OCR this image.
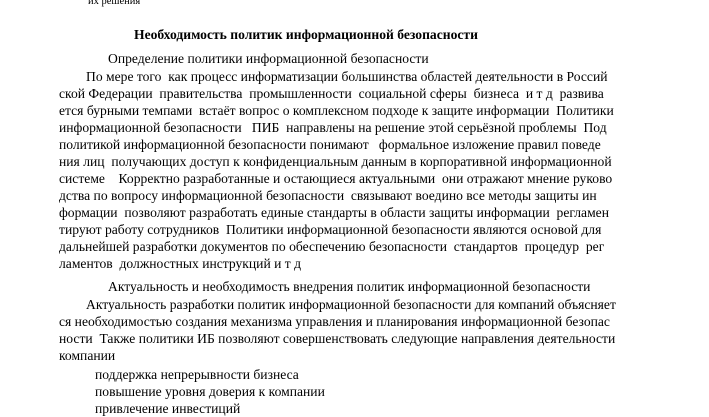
их решения
Необходимость политик информационной безопасности
Определение политики информационной безопасности
По мере того  как процесс информатизации большинства областей деятельности в Россий
ской Федерации  правительства  промышленности  социальной сферы  бизнеса  и т д  развива
ется бурными темпами  встаёт вопрос о комплексном подходе к защите информации  Политики
информационной безопасности   ПИБ  направлены на решение этой серьёзной проблемы  Под
политикой информационной безопасности понимают   формальное изложение правил поведе
ния лиц  получающих доступ к конфиденциальным данным в корпоративной информационной
системе    Корректно разработанные и остающиеся актуальными  они отражают мнение руково
дства по вопросу информационной безопасности  связывают воедино все методы защиты ин
формации  позволяют разработать единые стандарты в области защиты информации  регламен
тируют работу сотрудников  Политики информационной безопасности являются основой для
дальнейшей разработки документов по обеспечению безопасности  стандартов  процедур  рег
ламентов  должностных инструкций и т д
Актуальность и необходимость внедрения политик информационной безопасности
Актуальность разработки политик информационной безопасности для компаний объясняет
ся необходимостью создания механизма управления и планирования информационной безопас
ности  Также политики ИБ позволяют совершенствовать следующие направления деятельности
компании
поддержка непрерывности бизнеса
повышение уровня доверия к компании
привлечение инвестиций
